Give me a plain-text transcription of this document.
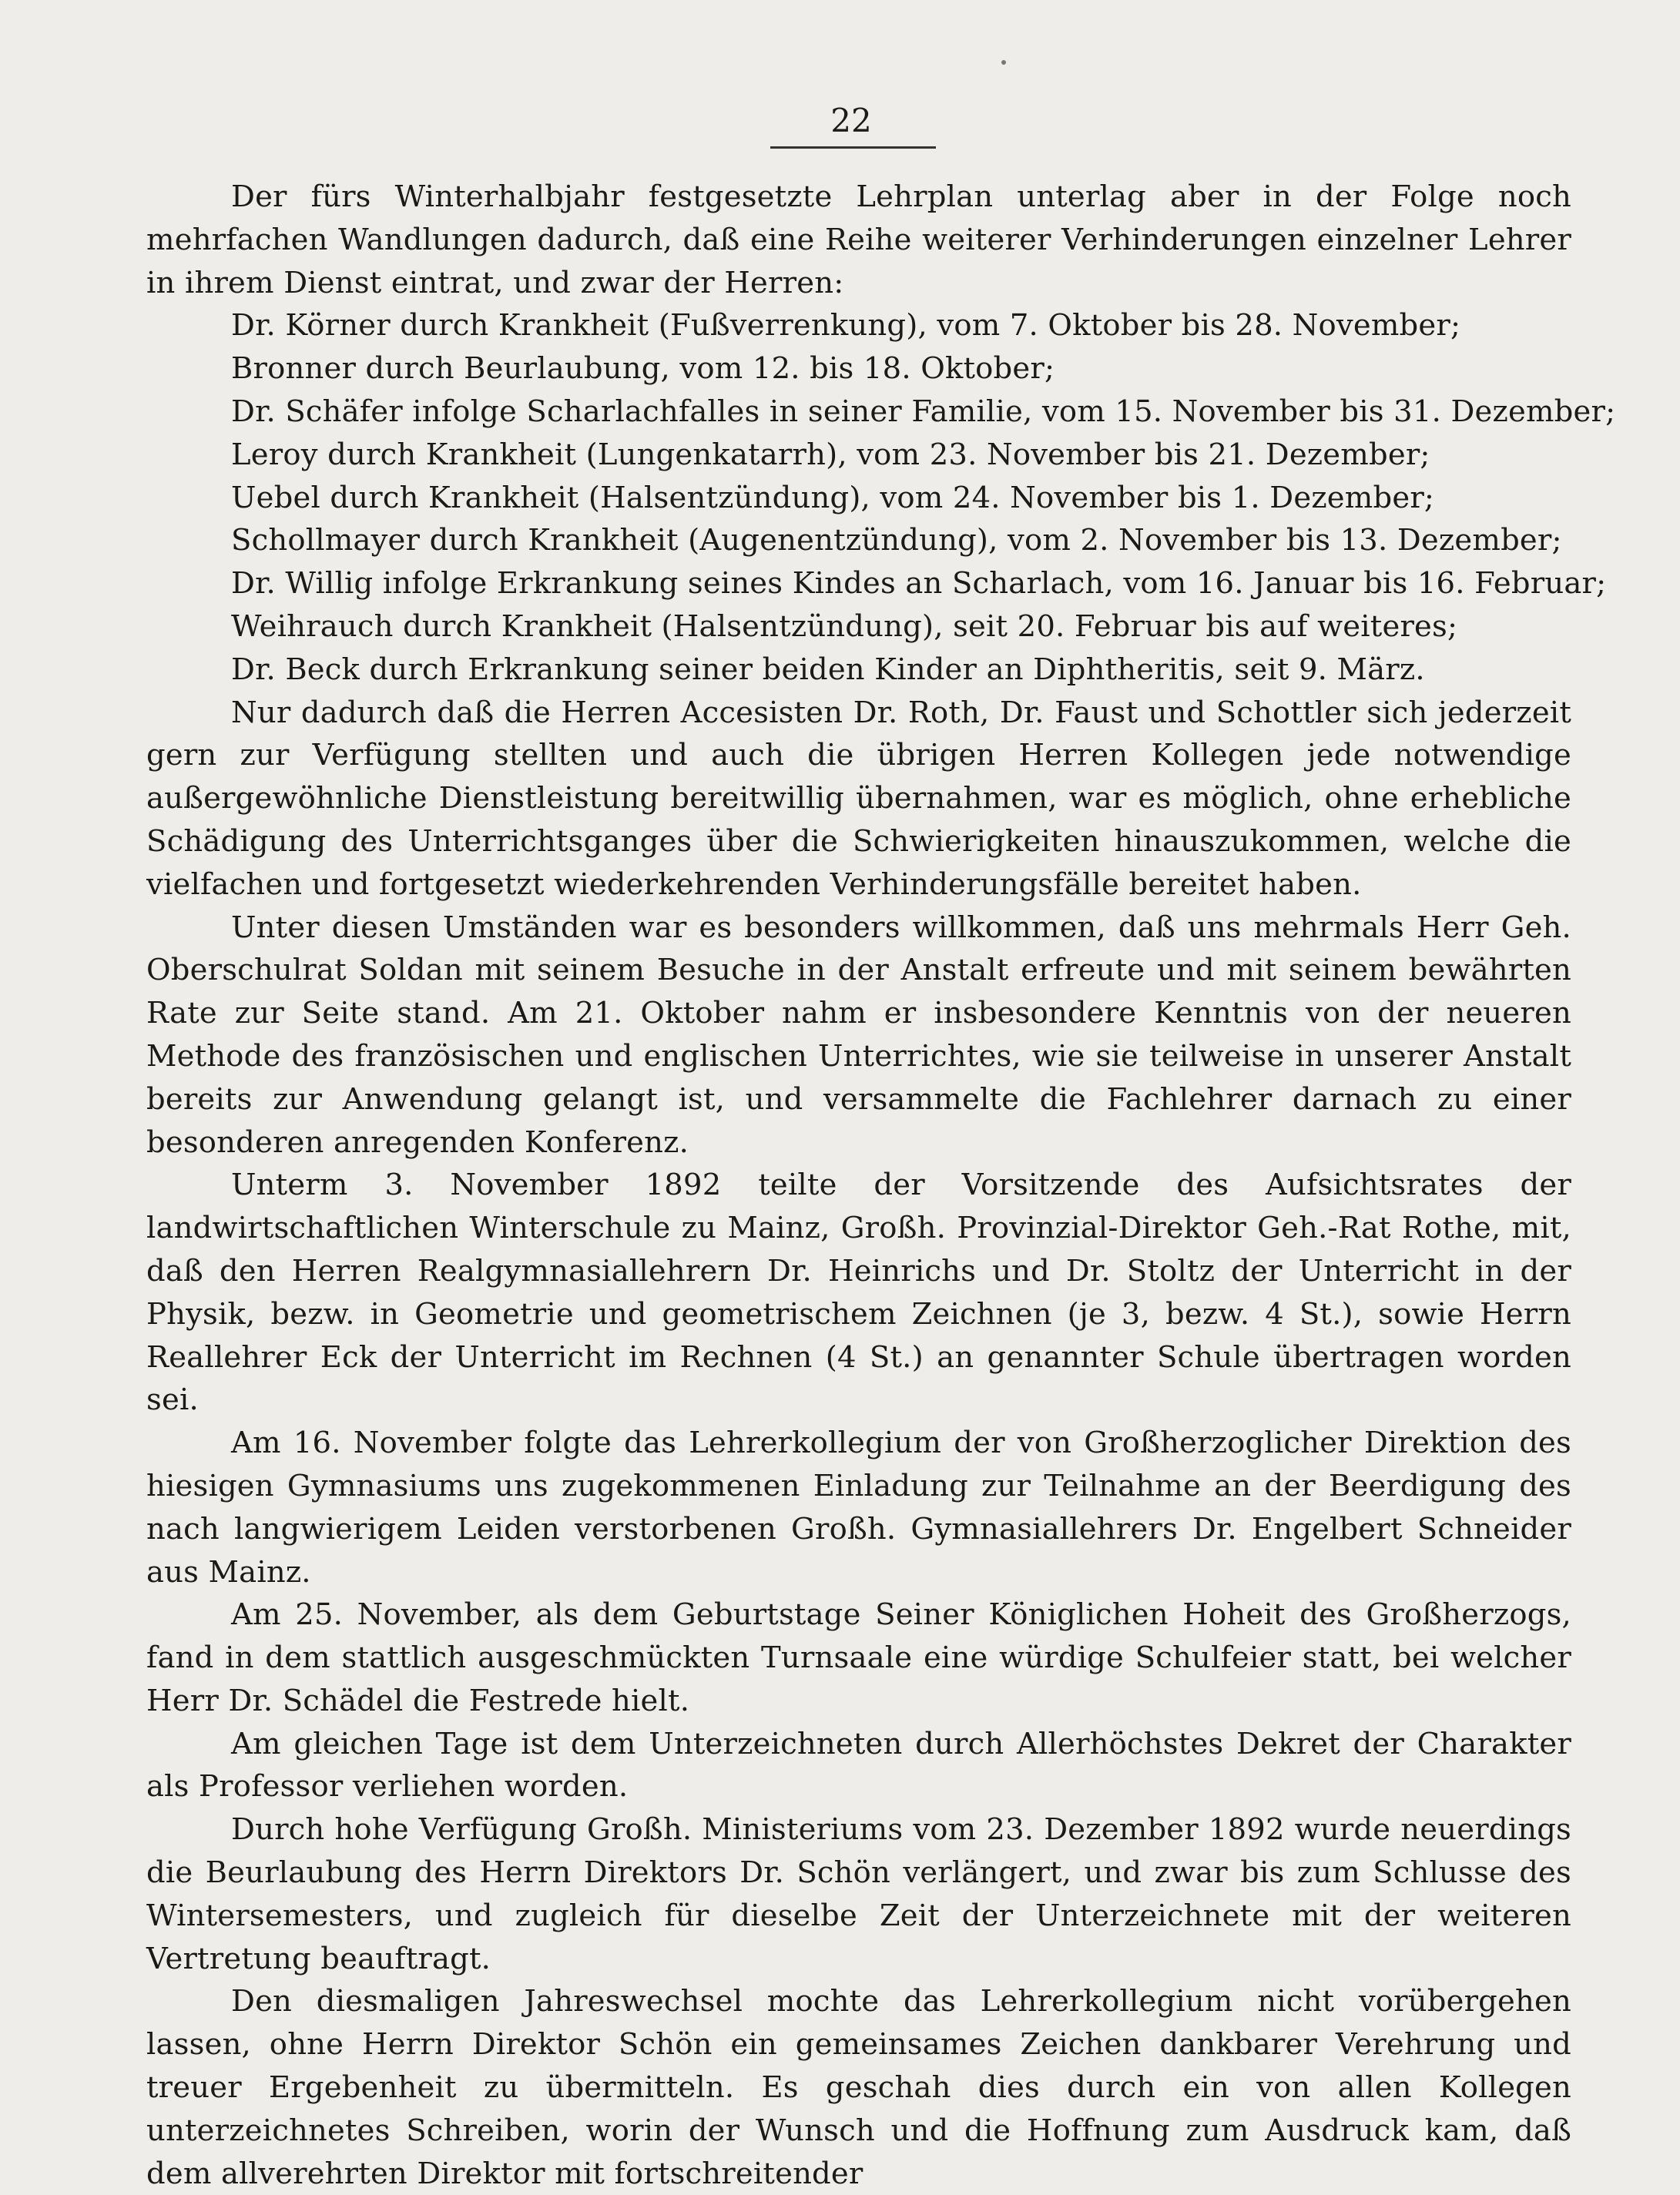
22

Der fürs Winterhalbjahr festgesetzte Lehrplan unterlag aber in der Folge noch mehrfachen Wandlungen dadurch, daß eine Reihe weiterer Verhinderungen einzelner Lehrer in ihrem Dienst eintrat, und zwar der Herren:

Dr. Körner durch Krankheit (Fußverrenkung), vom 7. Oktober bis 28. November;
Bronner durch Beurlaubung, vom 12. bis 18. Oktober;
Dr. Schäfer infolge Scharlachfalles in seiner Familie, vom 15. November bis 31. Dezember;
Leroy durch Krankheit (Lungenkatarrh), vom 23. November bis 21. Dezember;
Uebel durch Krankheit (Halsentzündung), vom 24. November bis 1. Dezember;
Schollmayer durch Krankheit (Augenentzündung), vom 2. November bis 13. Dezember;
Dr. Willig infolge Erkrankung seines Kindes an Scharlach, vom 16. Januar bis 16. Februar;
Weihrauch durch Krankheit (Halsentzündung), seit 20. Februar bis auf weiteres;
Dr. Beck durch Erkrankung seiner beiden Kinder an Diphtheritis, seit 9. März.

Nur dadurch daß die Herren Accesisten Dr. Roth, Dr. Faust und Schottler sich jederzeit gern zur Verfügung stellten und auch die übrigen Herren Kollegen jede notwendige außergewöhnliche Dienstleistung bereitwillig übernahmen, war es möglich, ohne erhebliche Schädigung des Unterrichtsganges über die Schwierigkeiten hinauszukommen, welche die vielfachen und fortgesetzt wiederkehrenden Verhinderungsfälle bereitet haben.

Unter diesen Umständen war es besonders willkommen, daß uns mehrmals Herr Geh. Oberschulrat Soldan mit seinem Besuche in der Anstalt erfreute und mit seinem bewährten Rate zur Seite stand. Am 21. Oktober nahm er insbesondere Kenntnis von der neueren Methode des französischen und englischen Unterrichtes, wie sie teilweise in unserer Anstalt bereits zur Anwendung gelangt ist, und versammelte die Fachlehrer darnach zu einer besonderen anregenden Konferenz.

Unterm 3. November 1892 teilte der Vorsitzende des Aufsichtsrates der landwirtschaftlichen Winterschule zu Mainz, Großh. Provinzial-Direktor Geh.-Rat Rothe, mit, daß den Herren Realgymnasiallehrern Dr. Heinrichs und Dr. Stoltz der Unterricht in der Physik, bezw. in Geometrie und geometrischem Zeichnen (je 3, bezw. 4 St.), sowie Herrn Reallehrer Eck der Unterricht im Rechnen (4 St.) an genannter Schule übertragen worden sei.

Am 16. November folgte das Lehrerkollegium der von Großherzoglicher Direktion des hiesigen Gymnasiums uns zugekommenen Einladung zur Teilnahme an der Beerdigung des nach langwierigem Leiden verstorbenen Großh. Gymnasiallehrers Dr. Engelbert Schneider aus Mainz.

Am 25. November, als dem Geburtstage Seiner Königlichen Hoheit des Großherzogs, fand in dem stattlich ausgeschmückten Turnsaale eine würdige Schulfeier statt, bei welcher Herr Dr. Schädel die Festrede hielt.

Am gleichen Tage ist dem Unterzeichneten durch Allerhöchstes Dekret der Charakter als Professor verliehen worden.

Durch hohe Verfügung Großh. Ministeriums vom 23. Dezember 1892 wurde neuerdings die Beurlaubung des Herrn Direktors Dr. Schön verlängert, und zwar bis zum Schlusse des Wintersemesters, und zugleich für dieselbe Zeit der Unterzeichnete mit der weiteren Vertretung beauftragt.

Den diesmaligen Jahreswechsel mochte das Lehrerkollegium nicht vorübergehen lassen, ohne Herrn Direktor Schön ein gemeinsames Zeichen dankbarer Verehrung und treuer Ergebenheit zu übermitteln. Es geschah dies durch ein von allen Kollegen unterzeichnetes Schreiben, worin der Wunsch und die Hoffnung zum Ausdruck kam, daß dem allverehrten Direktor mit fortschreitender
